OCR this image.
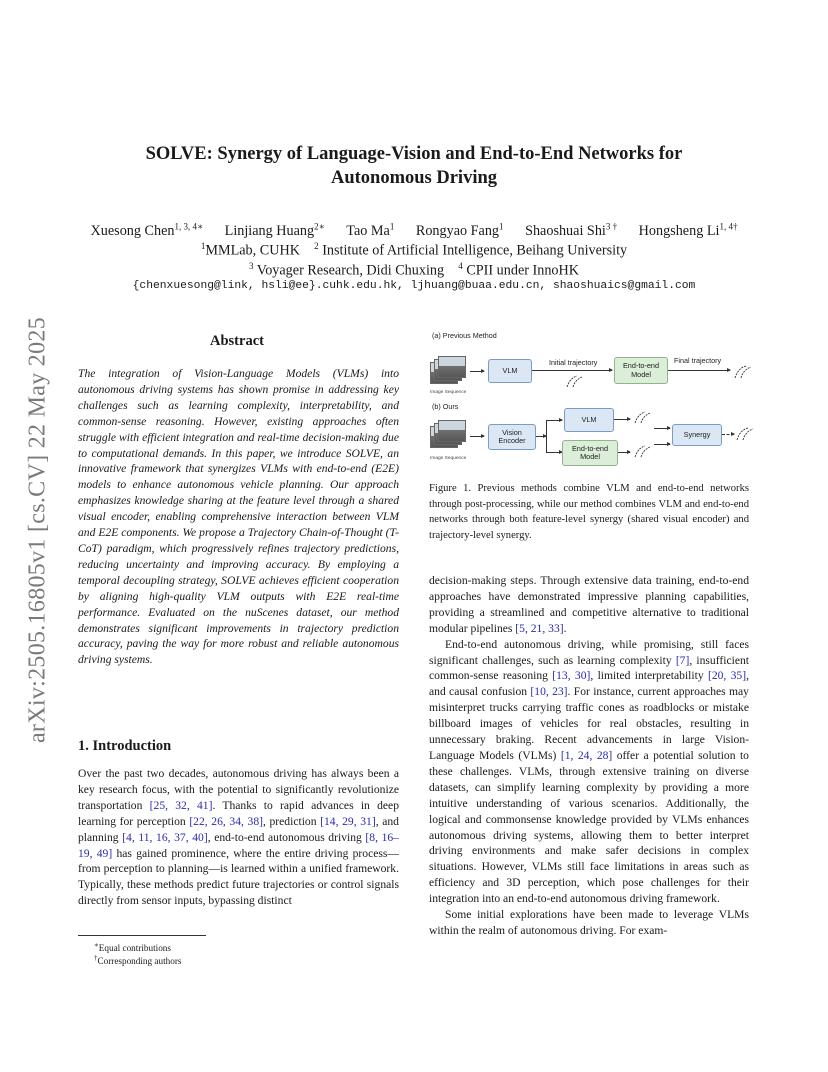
arXiv:2505.16805v1 [cs.CV] 22 May 2025
SOLVE: Synergy of Language-Vision and End-to-End Networks for
Autonomous Driving
Xuesong Chen$^{1, 3, 4∗}$ Linjiang Huang$^{2∗}$ Tao Ma$^1$ Rongyao Fang$^1$ Shaoshuai Shi$^{3 \dagger}$ Hongsheng $Li^{1, 4\dagger}$
$^1$MMLab, CUHK $^2$ Institute of Artificial Intelligence, Beihang University
$^3$ Voyager Research, Didi Chuxing $^4$ CPII under InnoHK
{chenxuesong@link, hsli@ee}.cuhk.edu.hk, ljhuang@buaa.edu.cn, shaoshuaics@gmail.com
Abstract
The integration of Vision-Language Models (VLMs) into autonomous driving systems has shown promise in addressing key challenges such as learning complexity, interpretability, and common-sense reasoning. However, existing approaches often struggle with efficient integration and real-time decision-making due to computational demands. In this paper, we introduce SOLVE, an innovative framework that synergizes VLMs with end-to-end (E2E) models to enhance autonomous vehicle planning. Our approach emphasizes knowledge sharing at the feature level through a shared visual encoder, enabling comprehensive interaction between VLM and E2E components. We propose a Trajectory Chain-of-Thought (T-CoT) paradigm, which progressively refines trajectory predictions, reducing uncertainty and improving accuracy. By employing a temporal decoupling strategy, SOLVE achieves efficient cooperation by aligning high-quality VLM outputs with E2E real-time performance. Evaluated on the nuScenes dataset, our method demonstrates significant improvements in trajectory prediction accuracy, paving the way for more robust and reliable autonomous driving systems.
1. Introduction
Over the past two decades, autonomous driving has always been a key research focus, with the potential to significantly revolutionize transportation [25, 32, 41]. Thanks to rapid advances in deep learning for perception [22, 26, 34, 38], prediction [14, 29, 31], and planning [4, 11, 16, 37, 40], end-to-end autonomous driving [8, 16–19, 49] has gained prominence, where the entire driving process—from perception to planning—is learned within a unified framework. Typically, these methods predict future trajectories or control signals directly from sensor inputs, bypassing distinct
∗Equal contributions
†Corresponding authors
(a) Previous Method
Image Sequence
VLM
Initial trajectory	End-to-end Model
Final trajectory
(b) Ours
Image Sequence
Vision Encoder
VLM
End-to-end Model
Synergy
Figure 1. Previous methods combine VLM and end-to-end networks through post-processing, while our method combines VLM and end-to-end networks through both feature-level synergy (shared visual encoder) and trajectory-level synergy.

decision-making steps. Through extensive data training, end-to-end approaches have demonstrated impressive planning capabilities, providing a streamlined and competitive alternative to traditional modular pipelines [5, 21, 33].

End-to-end autonomous driving, while promising, still faces significant challenges, such as learning complexity [7], insufficient common-sense reasoning [13, 30], limited interpretability [20, 35], and causal confusion [10, 23]. For instance, current approaches may misinterpret trucks carrying traffic cones as roadblocks or mistake billboard images of vehicles for real obstacles, resulting in unnecessary braking. Recent advancements in large Vision-Language Models (VLMs) [1, 24, 28] offer a potential solution to these challenges. VLMs, through extensive training on diverse datasets, can simplify learning complexity by providing a more intuitive understanding of various scenarios. Additionally, the logical and commonsense knowledge provided by VLMs enhances autonomous driving systems, allowing them to better interpret driving environments and make safer decisions in complex situations. However, VLMs still face limitations in areas such as efficiency and 3D perception, which pose challenges for their integration into an end-to-end autonomous driving framework.

Some initial explorations have been made to leverage VLMs within the realm of autonomous driving. For exam-
